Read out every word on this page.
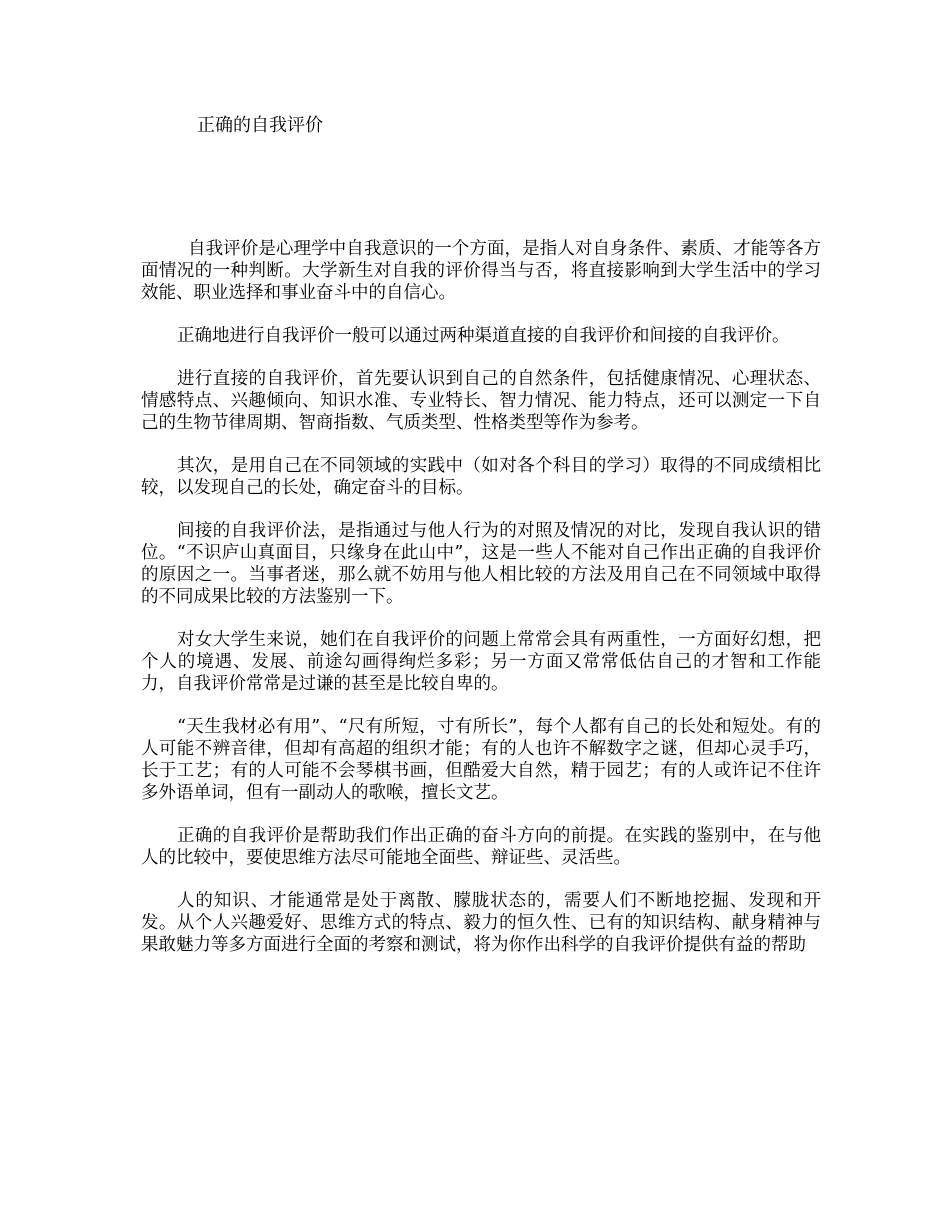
正确的自我评价

自我评价是心理学中自我意识的一个方面，是指人对自身条件、素质、才能等各方面情况的一种判断。大学新生对自我的评价得当与否，将直接影响到大学生活中的学习效能、职业选择和事业奋斗中的自信心。

正确地进行自我评价一般可以通过两种渠道直接的自我评价和间接的自我评价。

进行直接的自我评价，首先要认识到自己的自然条件，包括健康情况、心理状态、情感特点、兴趣倾向、知识水准、专业特长、智力情况、能力特点，还可以测定一下自己的生物节律周期、智商指数、气质类型、性格类型等作为参考。

其次，是用自己在不同领域的实践中（如对各个科目的学习）取得的不同成绩相比较，以发现自己的长处，确定奋斗的目标。

间接的自我评价法，是指通过与他人行为的对照及情况的对比，发现自我认识的错位。“不识庐山真面目，只缘身在此山中”，这是一些人不能对自己作出正确的自我评价的原因之一。当事者迷，那么就不妨用与他人相比较的方法及用自己在不同领域中取得的不同成果比较的方法鉴别一下。

对女大学生来说，她们在自我评价的问题上常常会具有两重性，一方面好幻想，把个人的境遇、发展、前途勾画得绚烂多彩；另一方面又常常低估自己的才智和工作能力，自我评价常常是过谦的甚至是比较自卑的。

“天生我材必有用”、“尺有所短，寸有所长”，每个人都有自己的长处和短处。有的人可能不辨音律，但却有高超的组织才能；有的人也许不解数字之谜，但却心灵手巧，长于工艺；有的人可能不会琴棋书画，但酷爱大自然，精于园艺；有的人或许记不住许多外语单词，但有一副动人的歌喉，擅长文艺。

正确的自我评价是帮助我们作出正确的奋斗方向的前提。在实践的鉴别中，在与他人的比较中，要使思维方法尽可能地全面些、辩证些、灵活些。

人的知识、才能通常是处于离散、朦胧状态的，需要人们不断地挖掘、发现和开发。从个人兴趣爱好、思维方式的特点、毅力的恒久性、已有的知识结构、献身精神与果敢魅力等多方面进行全面的考察和测试，将为你作出科学的自我评价提供有益的帮助
